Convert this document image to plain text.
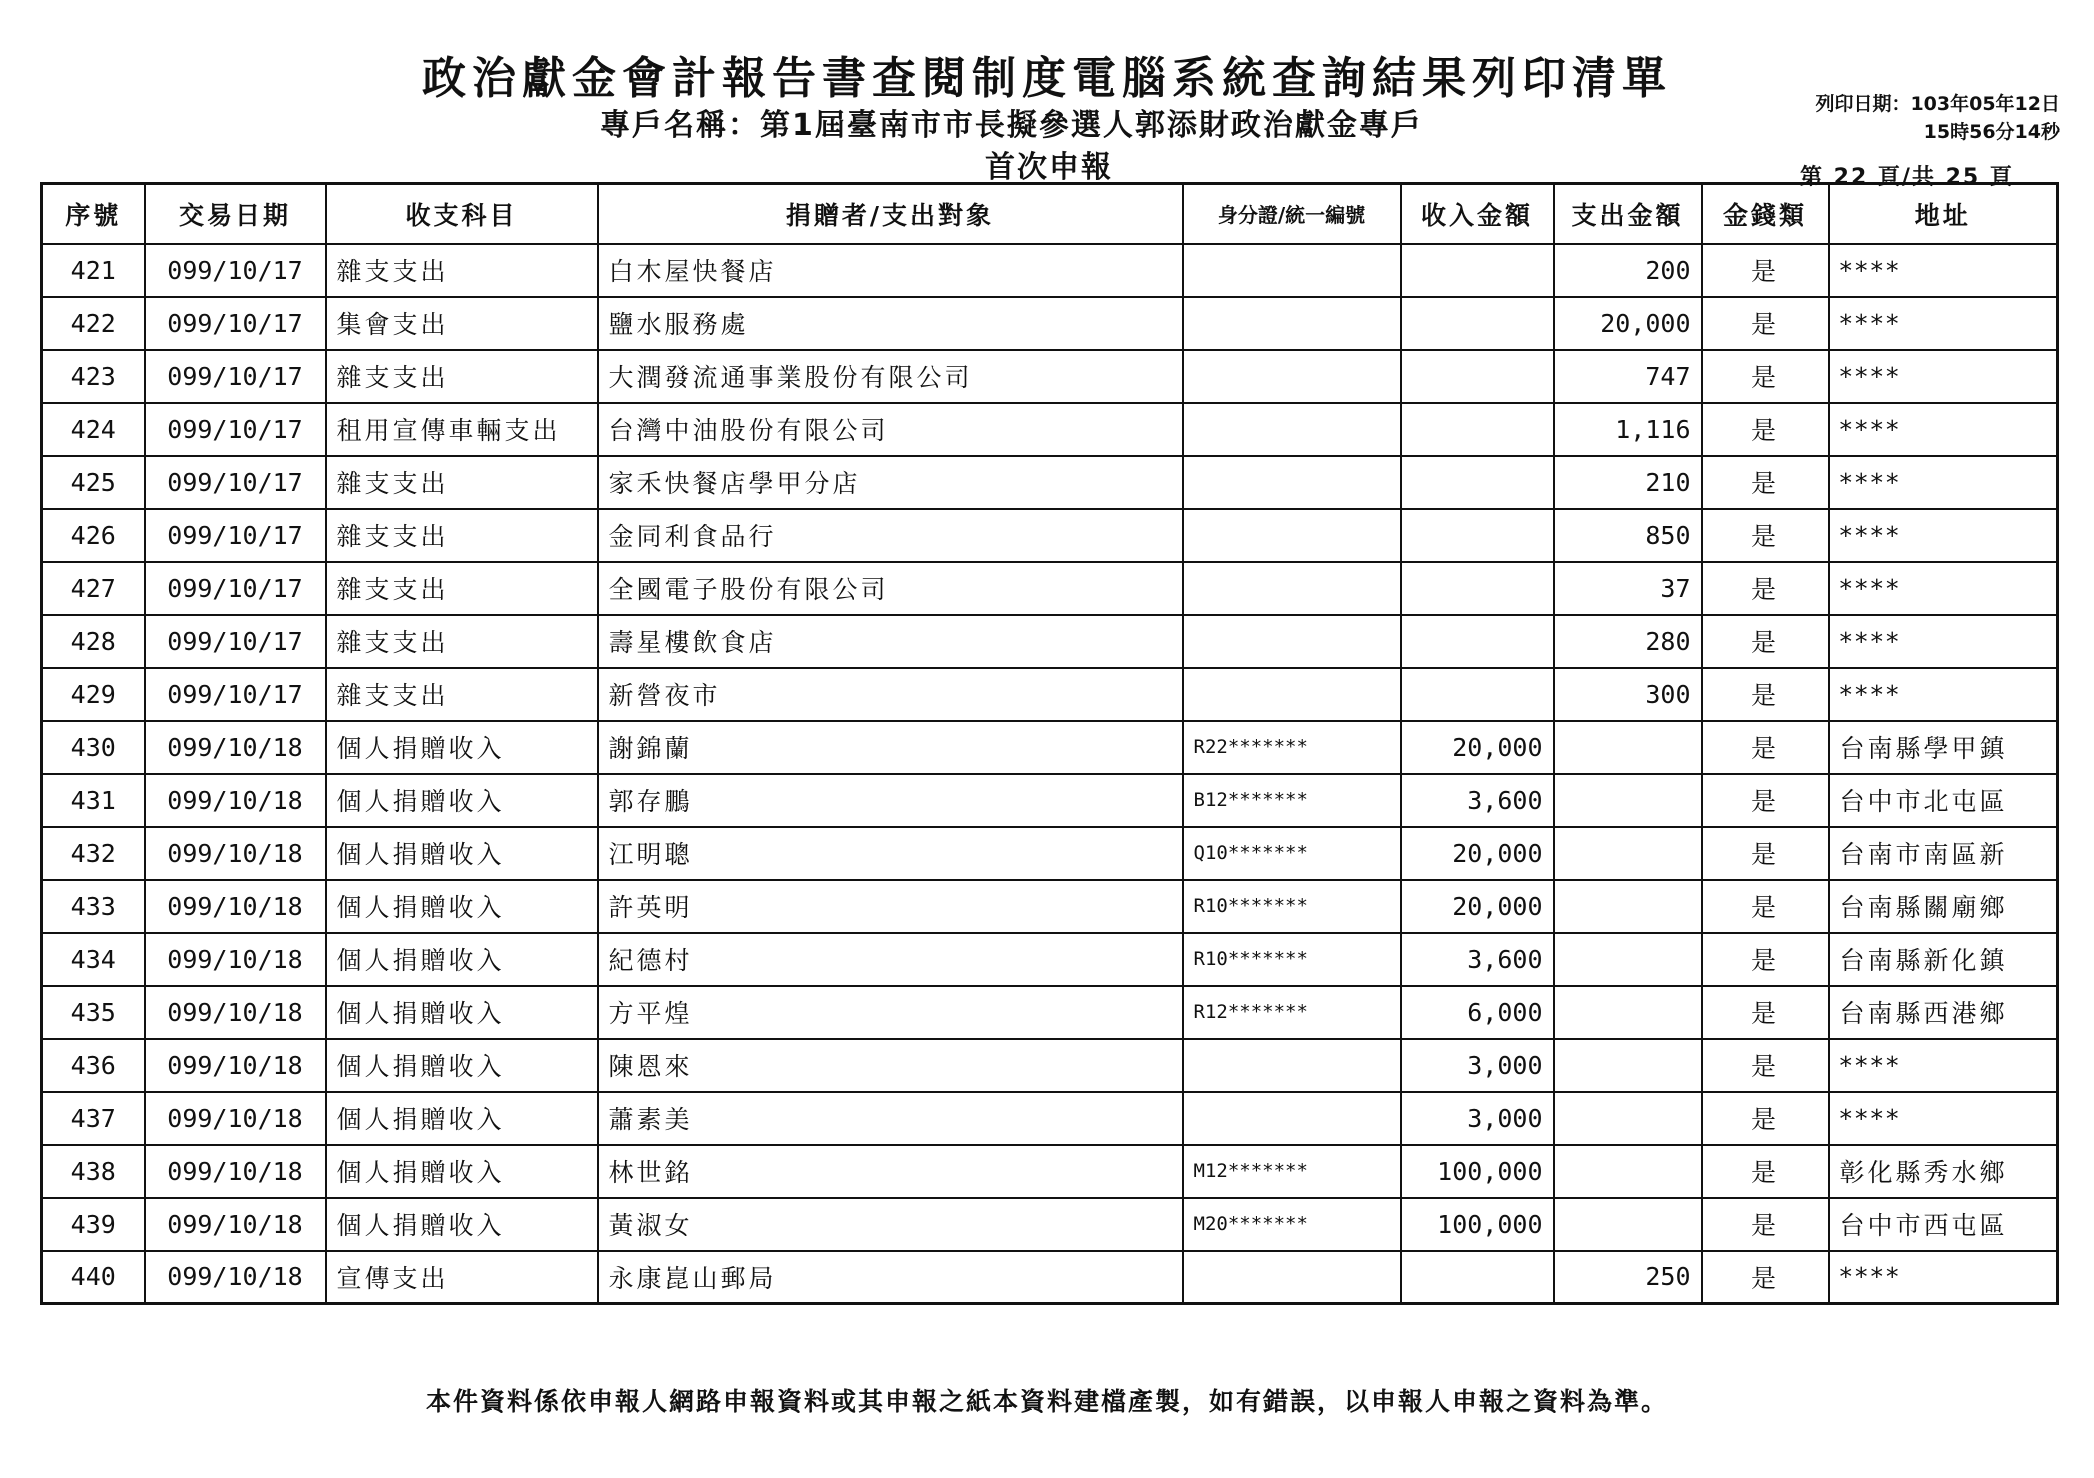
政治獻金會計報告書查閱制度電腦系統查詢結果列印清單
專戶名稱：第1屆臺南市市長擬參選人郭添財政治獻金專戶
首次申報
列印日期：103年05年12日
15時56分14秒
第 22 頁/共 25 頁
序號	交易日期	收支科目	捐贈者/支出對象	身分證/統一編號	收入金額	支出金額	金錢類	地址
421	099/10/17	雜支支出	白木屋快餐店			200	是	****
422	099/10/17	集會支出	鹽水服務處			20,000	是	****
423	099/10/17	雜支支出	大潤發流通事業股份有限公司			747	是	****
424	099/10/17	租用宣傳車輛支出	台灣中油股份有限公司			1,116	是	****
425	099/10/17	雜支支出	家禾快餐店學甲分店			210	是	****
426	099/10/17	雜支支出	金同利食品行			850	是	****
427	099/10/17	雜支支出	全國電子股份有限公司			37	是	****
428	099/10/17	雜支支出	壽星樓飲食店			280	是	****
429	099/10/17	雜支支出	新營夜市			300	是	****
430	099/10/18	個人捐贈收入	謝錦蘭	R22*******	20,000		是	台南縣學甲鎮
431	099/10/18	個人捐贈收入	郭存鵬	B12*******	3,600		是	台中市北屯區
432	099/10/18	個人捐贈收入	江明聰	Q10*******	20,000		是	台南市南區新
433	099/10/18	個人捐贈收入	許英明	R10*******	20,000		是	台南縣關廟鄉
434	099/10/18	個人捐贈收入	紀德村	R10*******	3,600		是	台南縣新化鎮
435	099/10/18	個人捐贈收入	方平煌	R12*******	6,000		是	台南縣西港鄉
436	099/10/18	個人捐贈收入	陳恩來		3,000		是	****
437	099/10/18	個人捐贈收入	蕭素美		3,000		是	****
438	099/10/18	個人捐贈收入	林世銘	M12*******	100,000		是	彰化縣秀水鄉
439	099/10/18	個人捐贈收入	黃淑女	M20*******	100,000		是	台中市西屯區
440	099/10/18	宣傳支出	永康崑山郵局			250	是	****
本件資料係依申報人網路申報資料或其申報之紙本資料建檔產製，如有錯誤，以申報人申報之資料為準。
